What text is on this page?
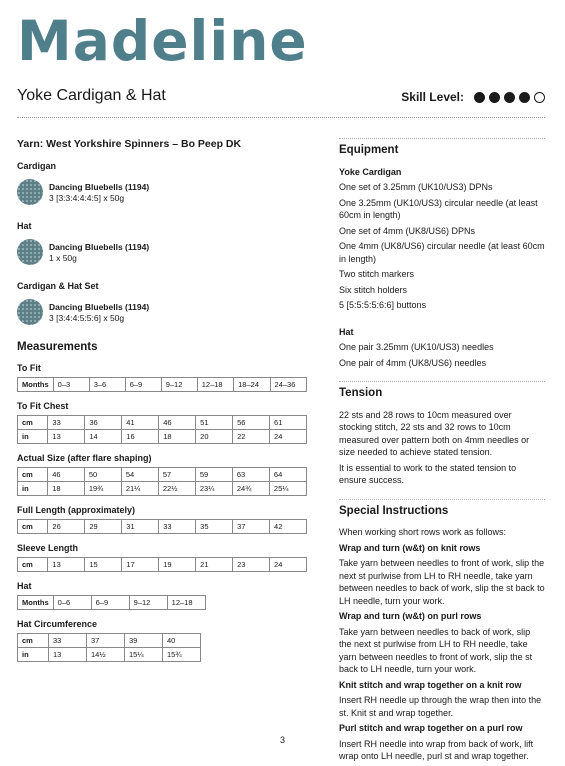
Madeline
Yoke Cardigan & Hat	Skill Level:
Yarn: West Yorkshire Spinners – Bo Peep DK
Cardigan
Dancing Bluebells (1194)
3 [3:3:4:4:4:5] x 50g
Hat
Dancing Bluebells (1194)
1 x 50g
Cardigan & Hat Set
Dancing Bluebells (1194)
3 [3:4:4:5:5:6] x 50g
Measurements
To Fit
Months	0–3	3–6	6–9	9–12	12–18	18–24	24–36
To Fit Chest
cm	33	36	41	46	51	56	61
in	13	14	16	18	20	22	24
Actual Size (after flare shaping)
cm	46	50	54	57	59	63	64
in	18	19¾	21¼	22½	23¼	24¾	25¼
Full Length (approximately)
cm	26	29	31	33	35	37	42
Sleeve Length
cm	13	15	17	19	21	23	24
Hat
Months	0–6	6–9	9–12	12–18
Hat Circumference
cm	33	37	39	40
in	13	14½	15¼	15¾
Equipment

Yoke Cardigan

One set of 3.25mm (UK10/US3) DPNs

One 3.25mm (UK10/US3) circular needle (at least 60cm in length)

One set of 4mm (UK8/US6) DPNs

One 4mm (UK8/US6) circular needle (at least 60cm in length)

Two stitch markers

Six stitch holders

5 [5:5:5:5:6:6] buttons

Hat

One pair 3.25mm (UK10/US3) needles

One pair of 4mm (UK8/US6) needles

Tension

22 sts and 28 rows to 10cm measured over stocking stitch, 22 sts and 32 rows to 10cm measured over pattern both on 4mm needles or size needed to achieve stated tension.

It is essential to work to the stated tension to ensure success.

Special Instructions

When working short rows work as follows:

Wrap and turn (w&t) on knit rows

Take yarn between needles to front of work, slip the next st purlwise from LH to RH needle, take yarn between needles to back of work, slip the st back to LH needle, turn your work.

Wrap and turn (w&t) on purl rows

Take yarn between needles to back of work, slip the next st purlwise from LH to RH needle, take yarn between needles to front of work, slip the st back to LH needle, turn your work.

Knit stitch and wrap together on a knit row

Insert RH needle up through the wrap then into the st. Knit st and wrap together.

Purl stitch and wrap together on a purl row

Insert RH needle into wrap from back of work, lift wrap onto LH needle, purl st and wrap together.

3
